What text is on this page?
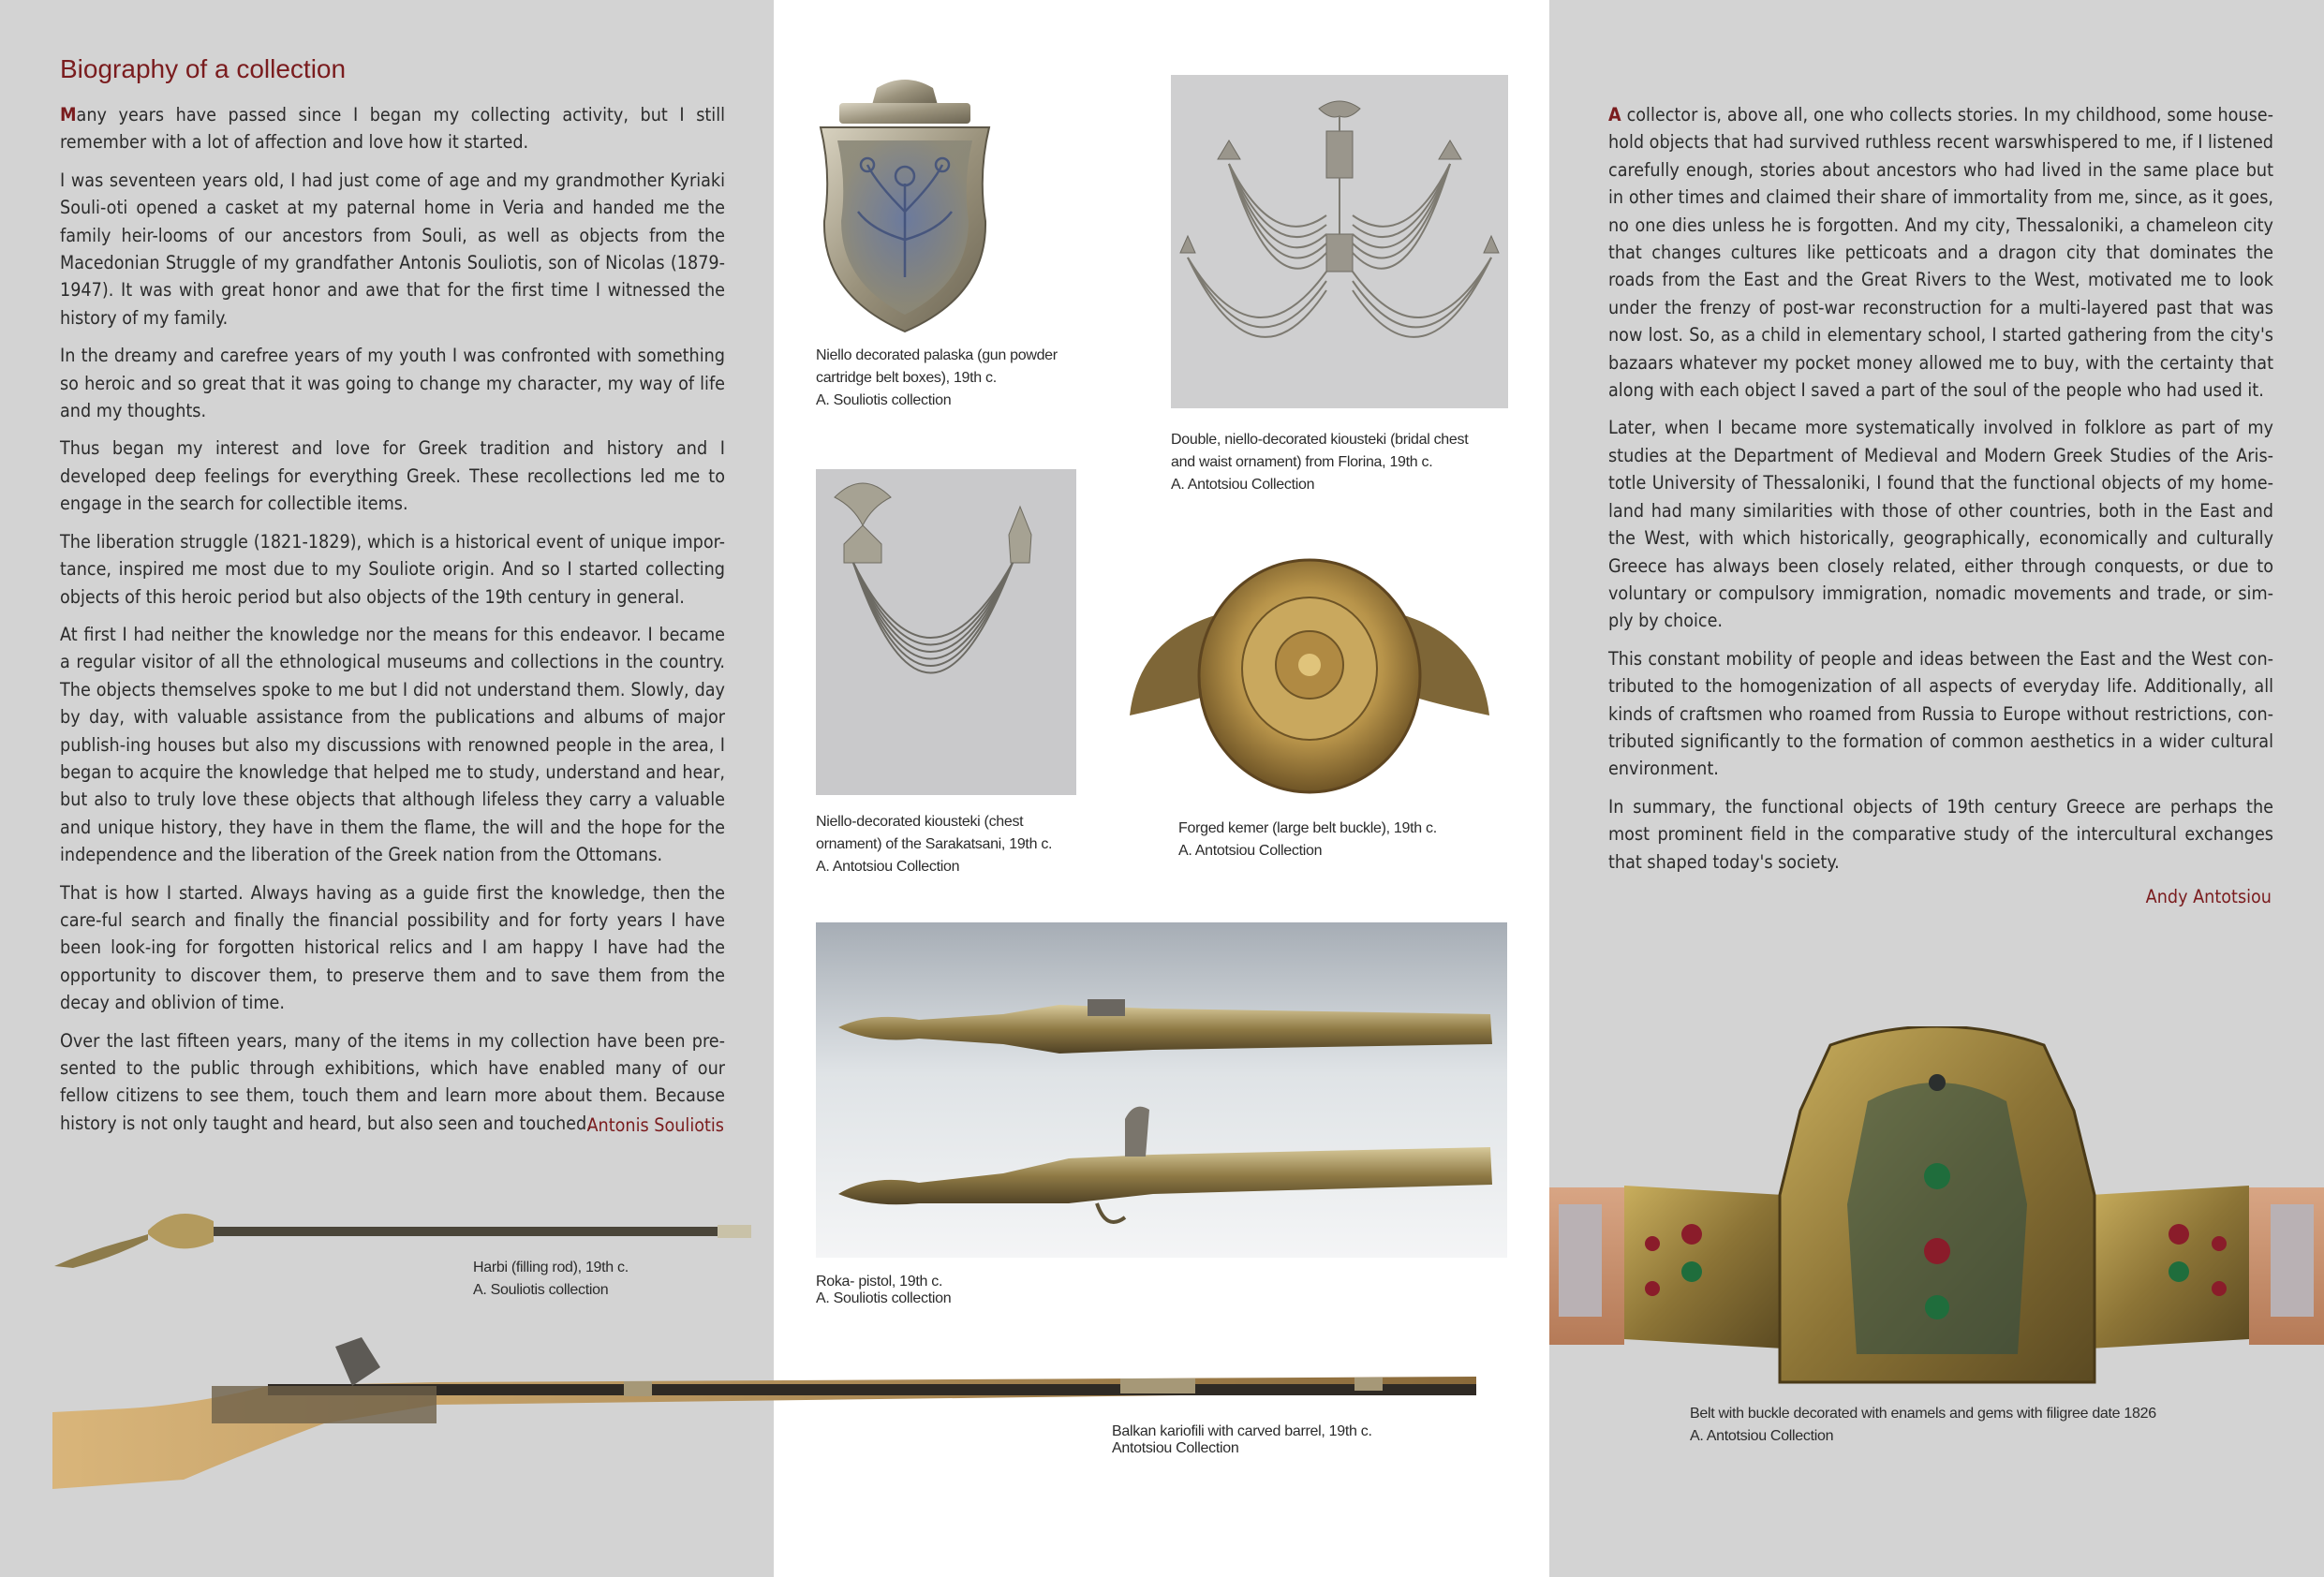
Biography of a collection

Many years have passed since I began my collecting activity, but I still remember with a lot of affection and love how it started.

I was seventeen years old, I had just come of age and my grandmother Kyriaki Souli-oti opened a casket at my paternal home in Veria and handed me the family heir-looms of our ancestors from Souli, as well as objects from the Macedonian Struggle of my grandfather Antonis Souliotis, son of Nicolas (1879-1947). It was with great honor and awe that for the first time I witnessed the history of my family.

In the dreamy and carefree years of my youth I was confronted with something so heroic and so great that it was going to change my character, my way of life and my thoughts.

Thus began my interest and love for Greek tradition and history and I developed deep feelings for everything Greek. These recollections led me to engage in the search for collectible items.

The liberation struggle (1821-1829), which is a historical event of unique impor-tance, inspired me most due to my Souliote origin. And so I started collecting objects of this heroic period but also objects of the 19th century in general.

At first I had neither the knowledge nor the means for this endeavor. I became a regular visitor of all the ethnological museums and collections in the country. The objects themselves spoke to me but I did not understand them. Slowly, day by day, with valuable assistance from the publications and albums of major publish-ing houses but also my discussions with renowned people in the area, I began to acquire the knowledge that helped me to study, understand and hear, but also to truly love these objects that although lifeless they carry a valuable and unique history, they have in them the flame, the will and the hope for the independence and the liberation of the Greek nation from the Ottomans.

That is how I started. Always having as a guide first the knowledge, then the care-ful search and finally the financial possibility and for forty years I have been look-ing for forgotten historical relics and I am happy I have had the opportunity to discover them, to preserve them and to save them from the decay and oblivion of time.

Over the last fifteen years, many of the items in my collection have been pre-sented to the public through exhibitions, which have enabled many of our fellow citizens to see them, touch them and learn more about them. Because history is not only taught and heard, but also seen and touched.

Antonis Souliotis

A collector is, above all, one who collects stories. In my childhood, some house-hold objects that had survived ruthless recent warswhispered to me, if I listened carefully enough, stories about ancestors who had lived in the same place but in other times and claimed their share of immortality from me, since, as it goes, no one dies unless he is forgotten. And my city, Thessaloniki, a chameleon city that changes cultures like petticoats and a dragon city that dominates the roads from the East and the Great Rivers to the West, motivated me to look under the frenzy of post-war reconstruction for a multi-layered past that was now lost. So, as a child in elementary school, I started gathering from the city's bazaars whatever my pocket money allowed me to buy, with the certainty that along with each object I saved a part of the soul of the people who had used it.

Later, when I became more systematically involved in folklore as part of my studies at the Department of Medieval and Modern Greek Studies of the Aris-totle University of Thessaloniki, I found that the functional objects of my home-land had many similarities with those of other countries, both in the East and the West, with which historically, geographically, economically and culturally Greece has always been closely related, either through conquests, or due to voluntary or compulsory immigration, nomadic movements and trade, or sim-ply by choice.

This constant mobility of people and ideas between the East and the West con-tributed to the homogenization of all aspects of everyday life. Additionally, all kinds of craftsmen who roamed from Russia to Europe without restrictions, con-tributed significantly to the formation of common aesthetics in a wider cultural environment.

In summary, the functional objects of 19th century Greece are perhaps the most prominent field in the comparative study of the intercultural exchanges that shaped today's society.

Andy Antotsiou
Niello decorated palaska (gun powder
cartridge belt boxes), 19th c.
A. Souliotis collection
Double, niello-decorated kiousteki (bridal chest
and waist ornament) from Florina, 19th c.
A. Antotsiou Collection
Niello-decorated kiousteki (chest
ornament) of the Sarakatsani, 19th c.
A. Antotsiou Collection
Forged kemer (large belt buckle), 19th c.
A. Antotsiou Collection
Roka- pistol, 19th c.
A. Souliotis collection
Harbi (filling rod), 19th c.
A. Souliotis collection
Balkan kariofili with carved barrel, 19th c.
Antotsiou Collection
Belt with buckle decorated with enamels and gems with filigree date 1826
A. Antotsiou Collection
